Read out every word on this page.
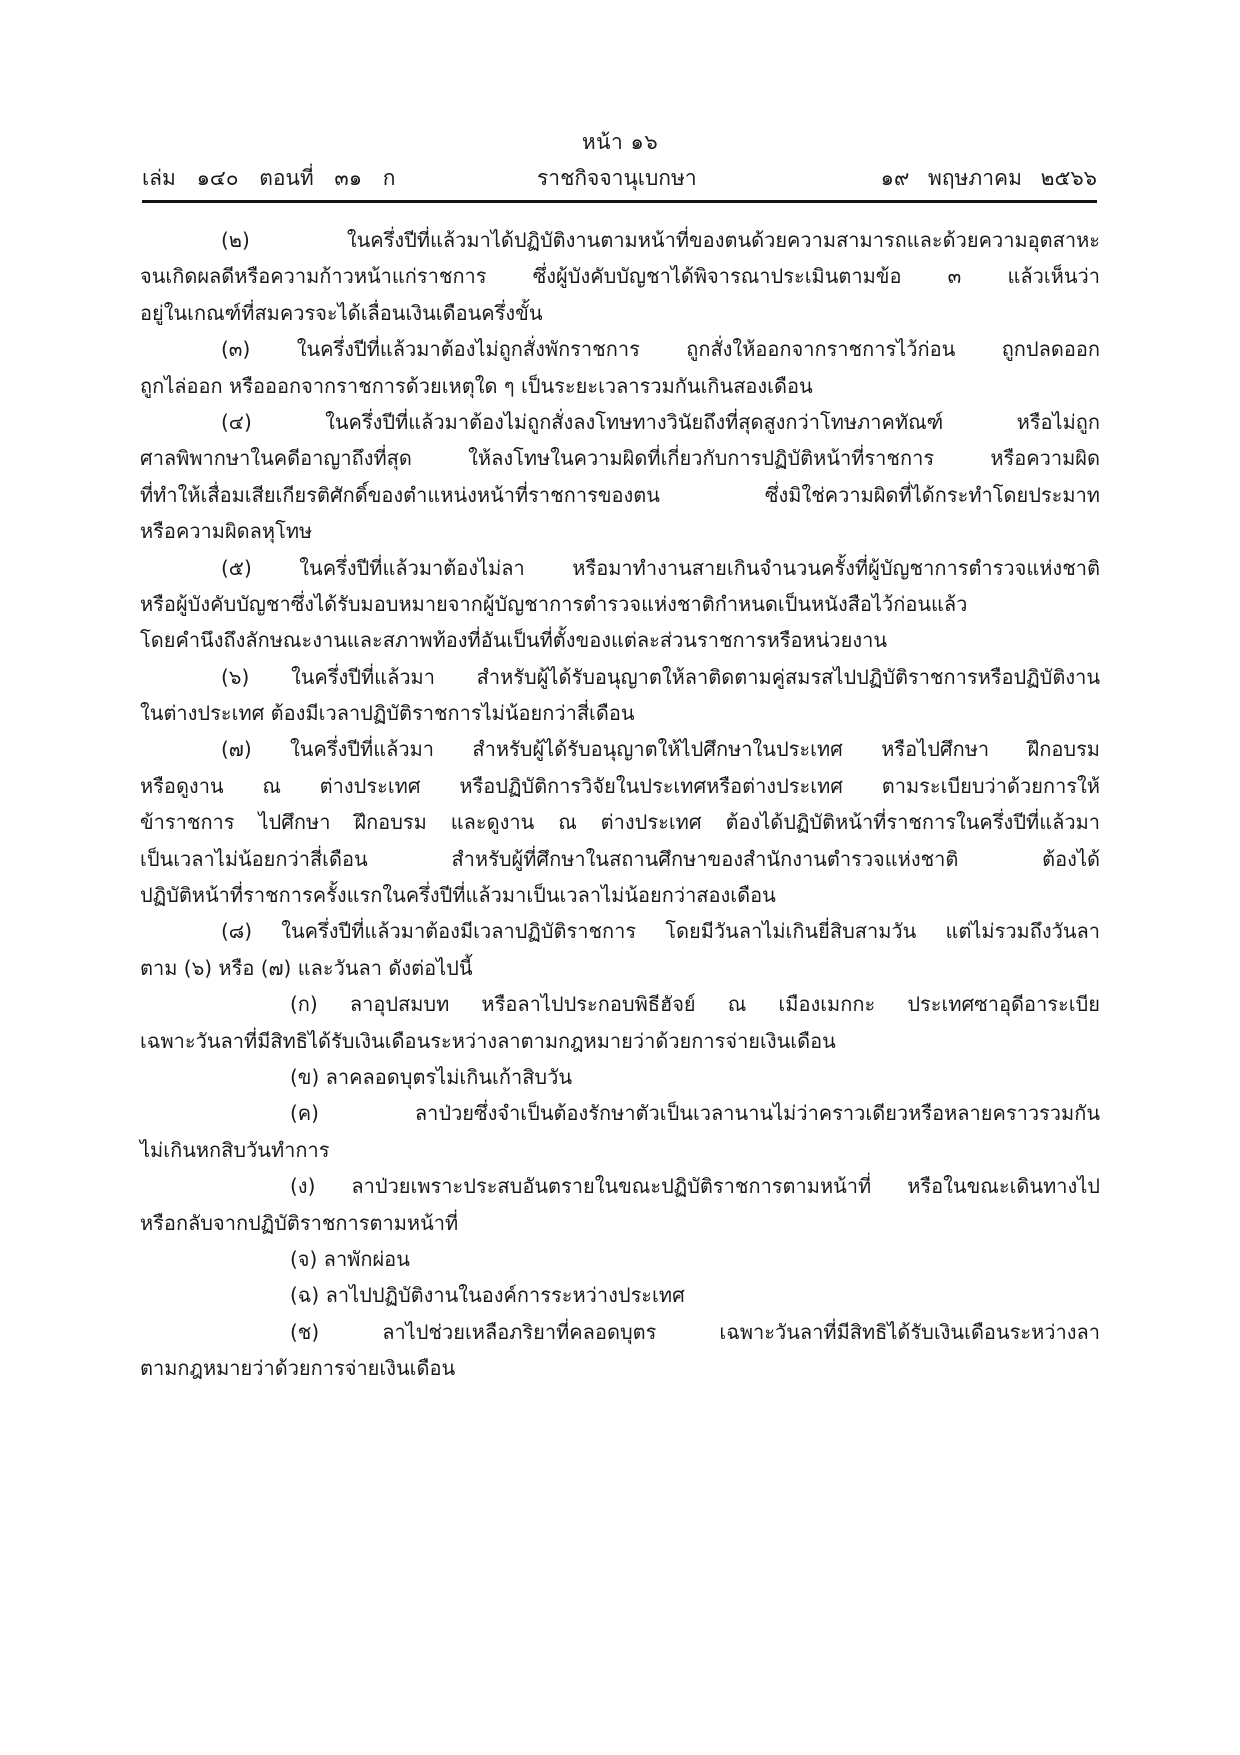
หน้า ๑๖
เล่ม ๑๔๐ ตอนที่ ๓๑ ก	ราชกิจจานุเบกษา	๑๙ พฤษภาคม ๒๕๖๖
(๒) ในครึ่งปีที่แล้วมาได้ปฏิบัติงานตามหน้าที่ของตนด้วยความสามารถและด้วยความอุตสาหะ
จนเกิดผลดีหรือความก้าวหน้าแก่ราชการ ซึ่งผู้บังคับบัญชาได้พิจารณาประเมินตามข้อ ๓ แล้วเห็นว่า
อยู่ในเกณฑ์ที่สมควรจะได้เลื่อนเงินเดือนครึ่งขั้น
(๓) ในครึ่งปีที่แล้วมาต้องไม่ถูกสั่งพักราชการ ถูกสั่งให้ออกจากราชการไว้ก่อน ถูกปลดออก
ถูกไล่ออก หรือออกจากราชการด้วยเหตุใด ๆ เป็นระยะเวลารวมกันเกินสองเดือน
(๔) ในครึ่งปีที่แล้วมาต้องไม่ถูกสั่งลงโทษทางวินัยถึงที่สุดสูงกว่าโทษภาคทัณฑ์ หรือไม่ถูก
ศาลพิพากษาในคดีอาญาถึงที่สุด ให้ลงโทษในความผิดที่เกี่ยวกับการปฏิบัติหน้าที่ราชการ หรือความผิด
ที่ทำให้เสื่อมเสียเกียรติศักดิ์ของตำแหน่งหน้าที่ราชการของตน ซึ่งมิใช่ความผิดที่ได้กระทำโดยประมาท
หรือความผิดลหุโทษ
(๕) ในครึ่งปีที่แล้วมาต้องไม่ลา หรือมาทำงานสายเกินจำนวนครั้งที่ผู้บัญชาการตำรวจแห่งชาติ
หรือผู้บังคับบัญชาซึ่งได้รับมอบหมายจากผู้บัญชาการตำรวจแห่งชาติกำหนดเป็นหนังสือไว้ก่อนแล้ว
โดยคำนึงถึงลักษณะงานและสภาพท้องที่อันเป็นที่ตั้งของแต่ละส่วนราชการหรือหน่วยงาน
(๖) ในครึ่งปีที่แล้วมา สำหรับผู้ได้รับอนุญาตให้ลาติดตามคู่สมรสไปปฏิบัติราชการหรือปฏิบัติงาน
ในต่างประเทศ ต้องมีเวลาปฏิบัติราชการไม่น้อยกว่าสี่เดือน
(๗) ในครึ่งปีที่แล้วมา สำหรับผู้ได้รับอนุญาตให้ไปศึกษาในประเทศ หรือไปศึกษา ฝึกอบรม
หรือดูงาน ณ ต่างประเทศ หรือปฏิบัติการวิจัยในประเทศหรือต่างประเทศ ตามระเบียบว่าด้วยการให้
ข้าราชการ ไปศึกษา ฝึกอบรม และดูงาน ณ ต่างประเทศ ต้องได้ปฏิบัติหน้าที่ราชการในครึ่งปีที่แล้วมา
เป็นเวลาไม่น้อยกว่าสี่เดือน สำหรับผู้ที่ศึกษาในสถานศึกษาของสำนักงานตำรวจแห่งชาติ ต้องได้
ปฏิบัติหน้าที่ราชการครั้งแรกในครึ่งปีที่แล้วมาเป็นเวลาไม่น้อยกว่าสองเดือน
(๘) ในครึ่งปีที่แล้วมาต้องมีเวลาปฏิบัติราชการ โดยมีวันลาไม่เกินยี่สิบสามวัน แต่ไม่รวมถึงวันลา
ตาม (๖) หรือ (๗) และวันลา ดังต่อไปนี้
(ก) ลาอุปสมบท หรือลาไปประกอบพิธีฮัจย์ ณ เมืองเมกกะ ประเทศซาอุดีอาระเบีย
เฉพาะวันลาที่มีสิทธิได้รับเงินเดือนระหว่างลาตามกฎหมายว่าด้วยการจ่ายเงินเดือน
(ข) ลาคลอดบุตรไม่เกินเก้าสิบวัน
(ค) ลาป่วยซึ่งจำเป็นต้องรักษาตัวเป็นเวลานานไม่ว่าคราวเดียวหรือหลายคราวรวมกัน
ไม่เกินหกสิบวันทำการ
(ง) ลาป่วยเพราะประสบอันตรายในขณะปฏิบัติราชการตามหน้าที่ หรือในขณะเดินทางไป
หรือกลับจากปฏิบัติราชการตามหน้าที่
(จ) ลาพักผ่อน
(ฉ) ลาไปปฏิบัติงานในองค์การระหว่างประเทศ
(ช) ลาไปช่วยเหลือภริยาที่คลอดบุตร เฉพาะวันลาที่มีสิทธิได้รับเงินเดือนระหว่างลา
ตามกฎหมายว่าด้วยการจ่ายเงินเดือน
